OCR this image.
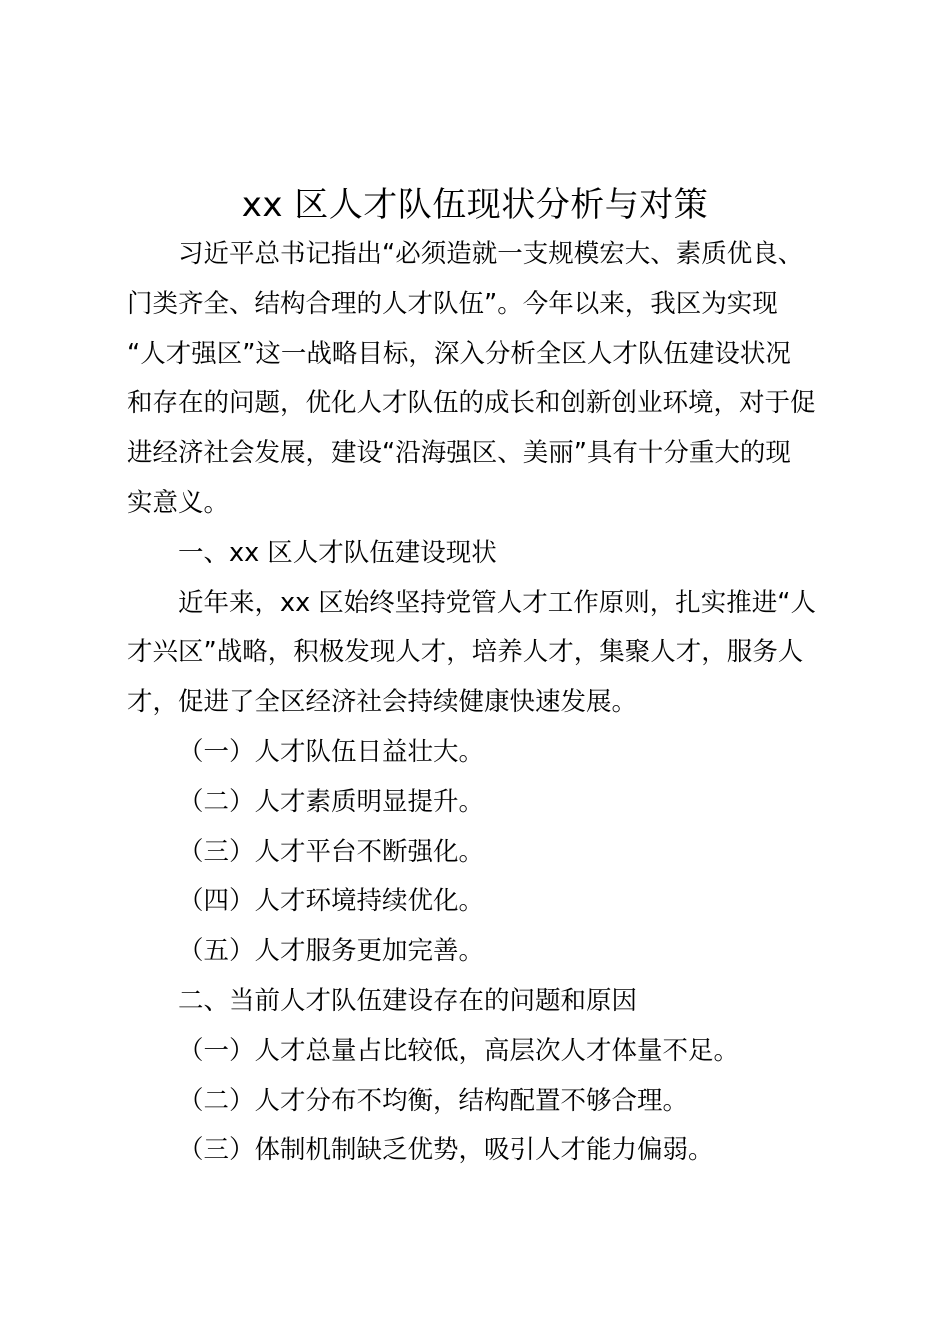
xx 区人才队伍现状分析与对策
习近平总书记指出“必须造就一支规模宏大、素质优良、
门类齐全、结构合理的人才队伍”。今年以来，我区为实现
“人才强区”这一战略目标，深入分析全区人才队伍建设状况
和存在的问题，优化人才队伍的成长和创新创业环境，对于促
进经济社会发展，建设“沿海强区、美丽”具有十分重大的现
实意义。
一、xx 区人才队伍建设现状
近年来，xx 区始终坚持党管人才工作原则，扎实推进“人
才兴区”战略，积极发现人才，培养人才，集聚人才，服务人
才，促进了全区经济社会持续健康快速发展。
（一）人才队伍日益壮大。
（二）人才素质明显提升。
（三）人才平台不断强化。
（四）人才环境持续优化。
（五）人才服务更加完善。
二、当前人才队伍建设存在的问题和原因
（一）人才总量占比较低，高层次人才体量不足。
（二）人才分布不均衡，结构配置不够合理。
（三）体制机制缺乏优势，吸引人才能力偏弱。
